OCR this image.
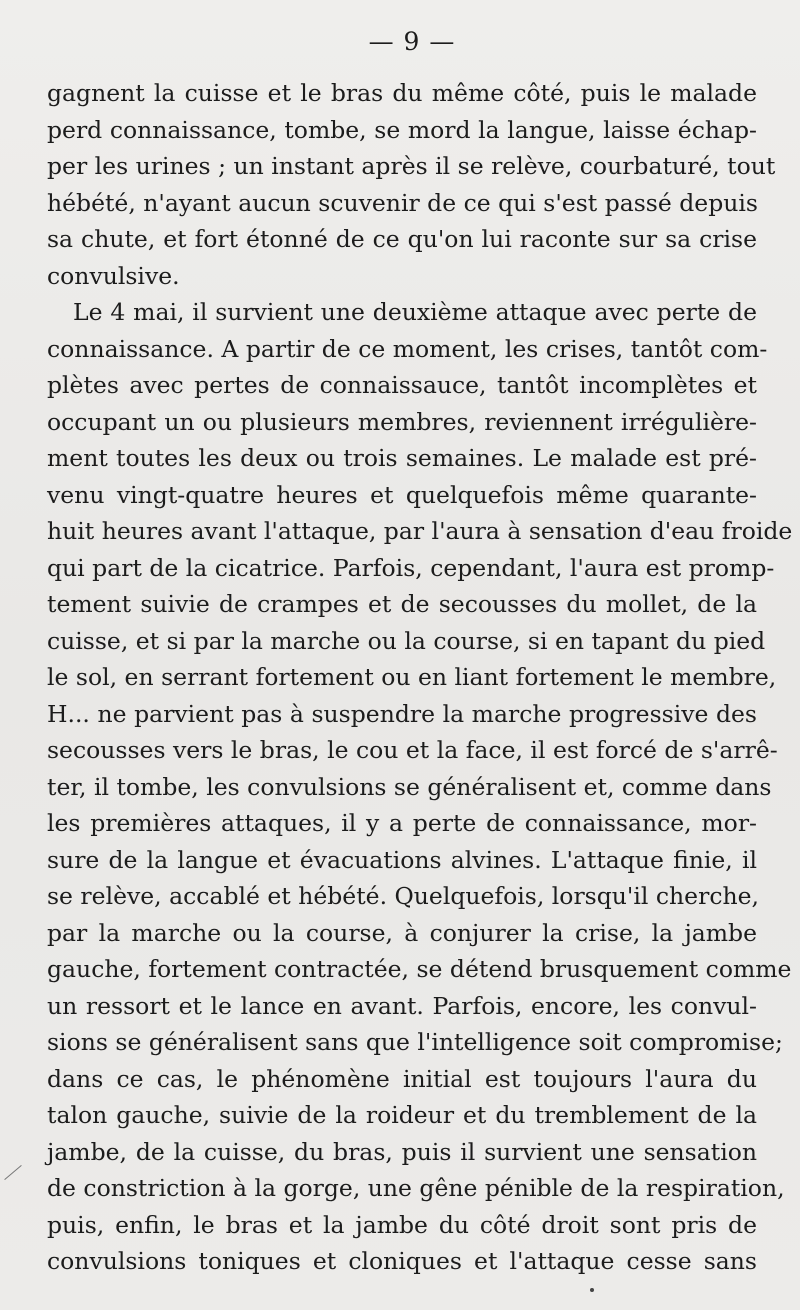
— 9 —
gagnent la cuisse et le bras du même côté, puis le malade
perd connaissance, tombe, se mord la langue, laisse échap-
per les urines ; un instant après il se relève, courbaturé, tout
hébété, n'ayant aucun scuvenir de ce qui s'est passé depuis
sa chute, et fort étonné de ce qu'on lui raconte sur sa crise
convulsive.
Le 4 mai, il survient une deuxième attaque avec perte de
connaissance. A partir de ce moment, les crises, tantôt com-
plètes avec pertes de connaissauce, tantôt incomplètes et
occupant un ou plusieurs membres, reviennent irrégulière-
ment toutes les deux ou trois semaines. Le malade est pré-
venu vingt-quatre heures et quelquefois même quarante-
huit heures avant l'attaque, par l'aura à sensation d'eau froide
qui part de la cicatrice. Parfois, cependant, l'aura est promp-
tement suivie de crampes et de secousses du mollet, de la
cuisse, et si par la marche ou la course, si en tapant du pied
le sol, en serrant fortement ou en liant fortement le membre,
H... ne parvient pas à suspendre la marche progressive des
secousses vers le bras, le cou et la face, il est forcé de s'arrê-
ter, il tombe, les convulsions se généralisent et, comme dans
les premières attaques, il y a perte de connaissance, mor-
sure de la langue et évacuations alvines. L'attaque finie, il
se relève, accablé et hébété. Quelquefois, lorsqu'il cherche,
par la marche ou la course, à conjurer la crise, la jambe
gauche, fortement contractée, se détend brusquement comme
un ressort et le lance en avant. Parfois, encore, les convul-
sions se généralisent sans que l'intelligence soit compromise;
dans ce cas, le phénomène initial est toujours l'aura du
talon gauche, suivie de la roideur et du tremblement de la
jambe, de la cuisse, du bras, puis il survient une sensation
de constriction à la gorge, une gêne pénible de la respiration,
puis, enfin, le bras et la jambe du côté droit sont pris de
convulsions toniques et cloniques et l'attaque cesse sans
